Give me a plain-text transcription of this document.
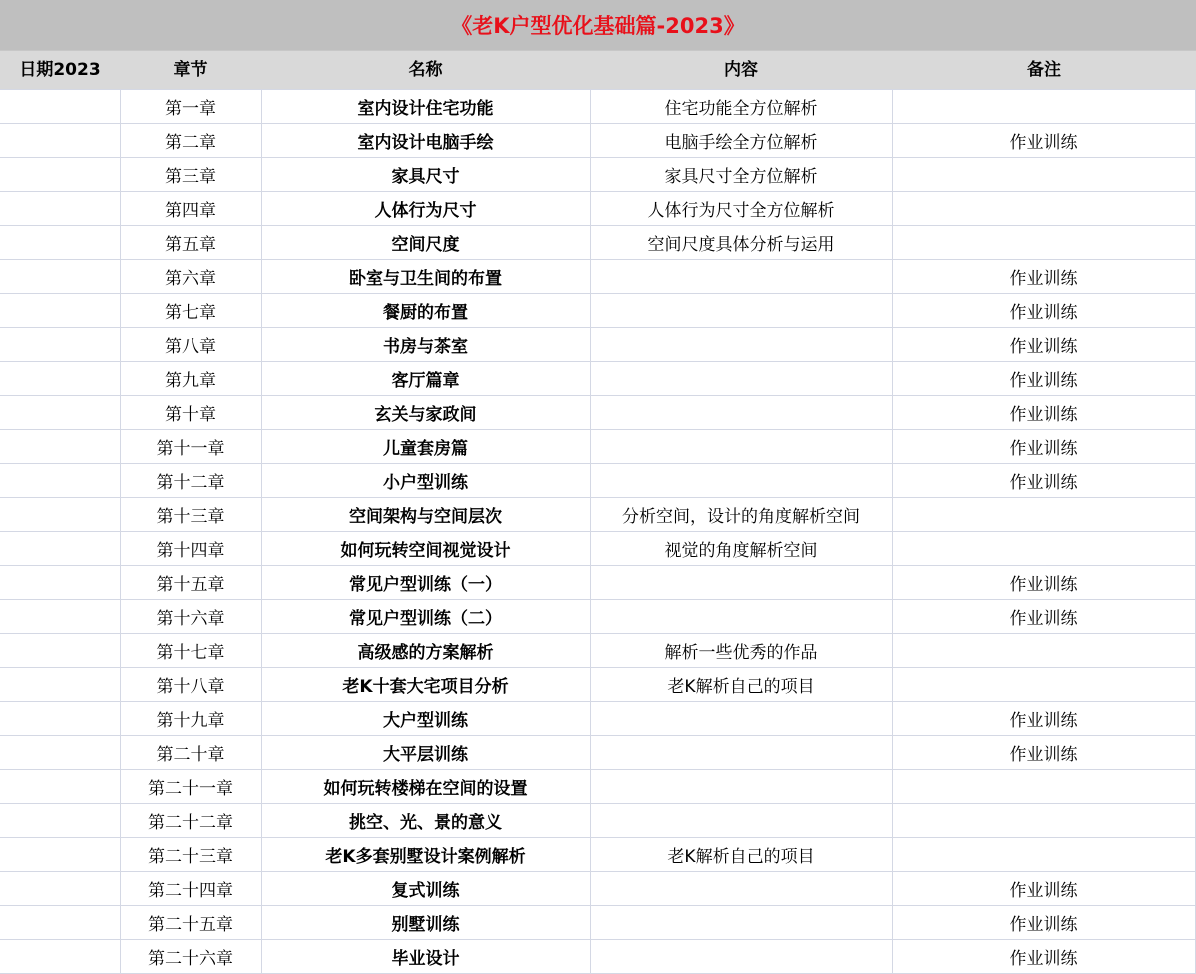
《老K户型优化基础篇-2023》
日期2023	章节	名称	内容	备注
	第一章	室内设计住宅功能	住宅功能全方位解析	
	第二章	室内设计电脑手绘	电脑手绘全方位解析	作业训练
	第三章	家具尺寸	家具尺寸全方位解析	
	第四章	人体行为尺寸	人体行为尺寸全方位解析	
	第五章	空间尺度	空间尺度具体分析与运用	
	第六章	卧室与卫生间的布置		作业训练
	第七章	餐厨的布置		作业训练
	第八章	书房与茶室		作业训练
	第九章	客厅篇章		作业训练
	第十章	玄关与家政间		作业训练
	第十一章	儿童套房篇		作业训练
	第十二章	小户型训练		作业训练
	第十三章	空间架构与空间层次	分析空间，设计的角度解析空间	
	第十四章	如何玩转空间视觉设计	视觉的角度解析空间	
	第十五章	常见户型训练（一）		作业训练
	第十六章	常见户型训练（二）		作业训练
	第十七章	高级感的方案解析	解析一些优秀的作品	
	第十八章	老K十套大宅项目分析	老K解析自己的项目	
	第十九章	大户型训练		作业训练
	第二十章	大平层训练		作业训练
	第二十一章	如何玩转楼梯在空间的设置		
	第二十二章	挑空、光、景的意义		
	第二十三章	老K多套别墅设计案例解析	老K解析自己的项目	
	第二十四章	复式训练		作业训练
	第二十五章	别墅训练		作业训练
	第二十六章	毕业设计		作业训练
